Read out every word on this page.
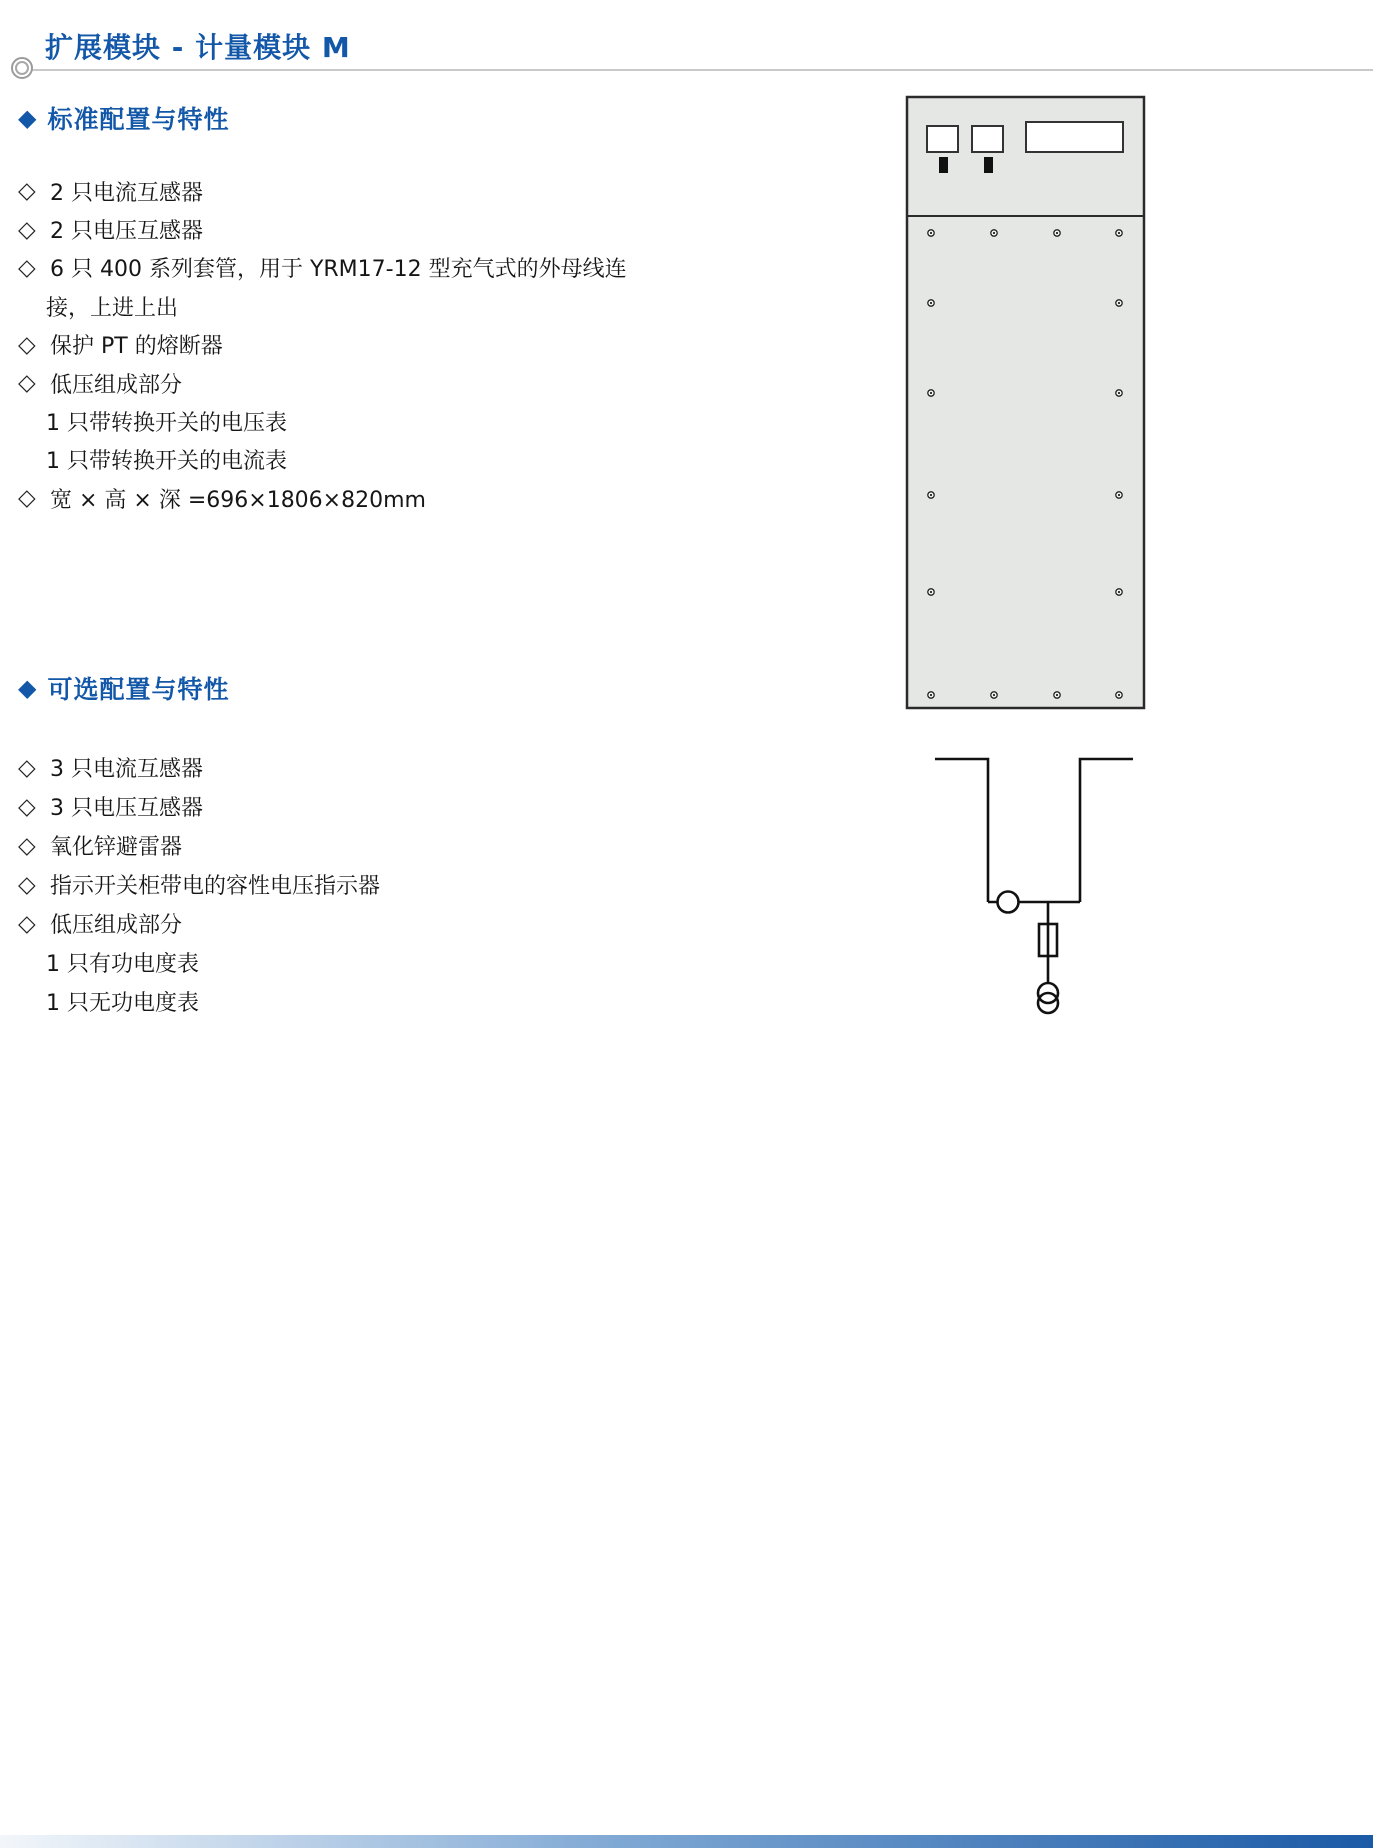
扩展模块 - 计量模块 M
◆ 标准配置与特性
◇ 2 只电流互感器
◇ 2 只电压互感器
◇ 6 只 400 系列套管，用于 YRM17-12 型充气式的外母线连
接，上进上出
◇ 保护 PT 的熔断器
◇ 低压组成部分
1 只带转换开关的电压表
1 只带转换开关的电流表
◇ 宽 × 高 × 深 =696×1806×820mm
◆ 可选配置与特性
◇ 3 只电流互感器
◇ 3 只电压互感器
◇ 氧化锌避雷器
◇ 指示开关柜带电的容性电压指示器
◇ 低压组成部分
1 只有功电度表
1 只无功电度表
